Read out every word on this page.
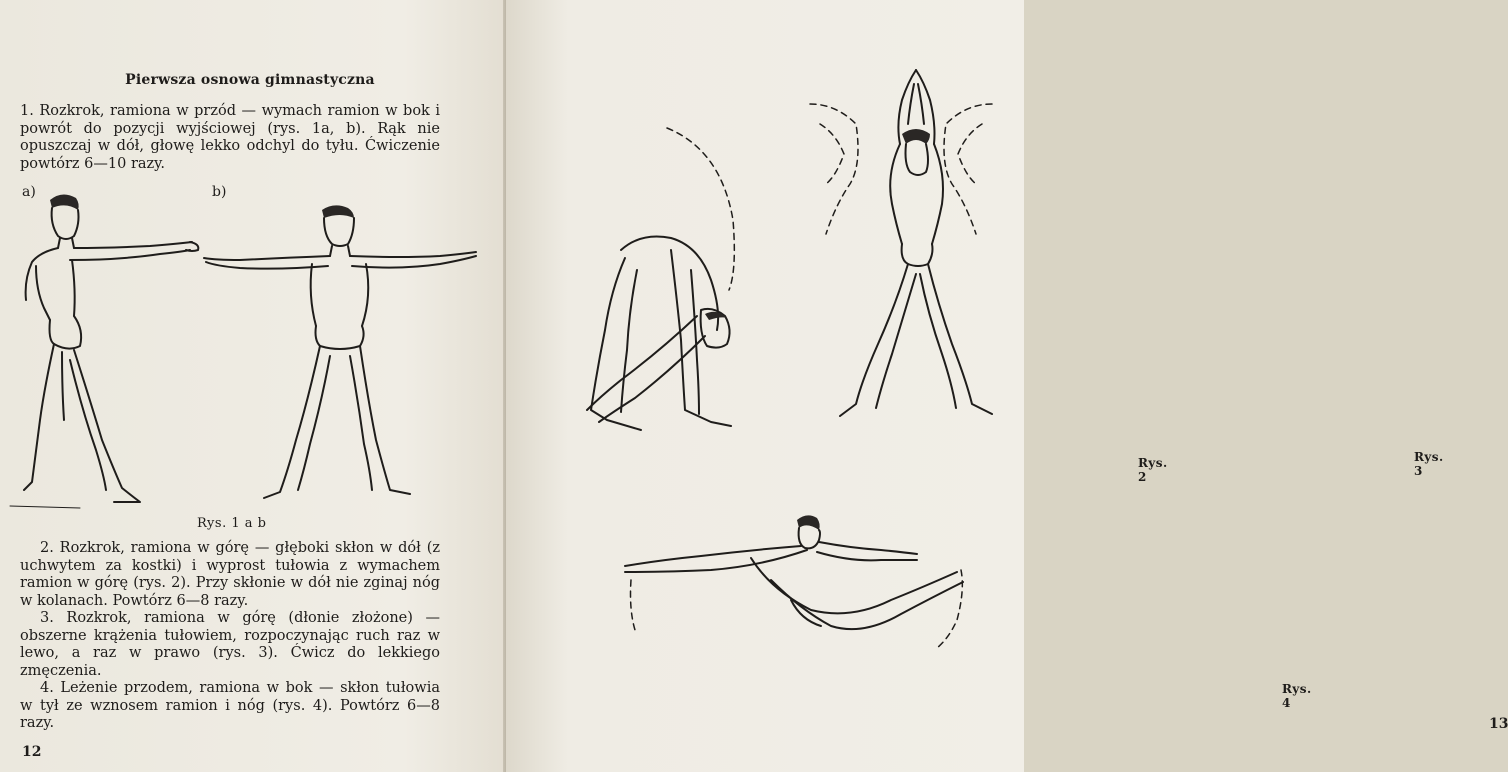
Pierwsza osnowa gimnastyczna

1. Rozkrok, ramiona w przód — wymach ramion w bok i powrót do pozycji wyjściowej (rys. 1a, b). Rąk nie opuszczaj w dół, głowę lekko odchyl do tyłu. Ćwiczenie powtórz 6—10 razy.

a)	b)
Rys. 1 a b

2. Rozkrok, ramiona w górę — głęboki skłon w dół (z uchwytem za kostki) i wyprost tułowia z wymachem ramion w górę (rys. 2). Przy skłonie w dół nie zginaj nóg w kolanach. Powtórz 6—8 razy.

3. Rozkrok, ramiona w górę (dłonie złożone) — obszerne krążenia tułowiem, rozpoczynając ruch raz w lewo, a raz w prawo (rys. 3). Ćwicz do lekkiego zmęczenia.

4. Leżenie przodem, ramiona w bok — skłon tułowia w tył ze wznosem ramion i nóg (rys. 4). Powtórz 6—8 razy.

12
Rys. 2
Rys. 3
Rys. 4
13
